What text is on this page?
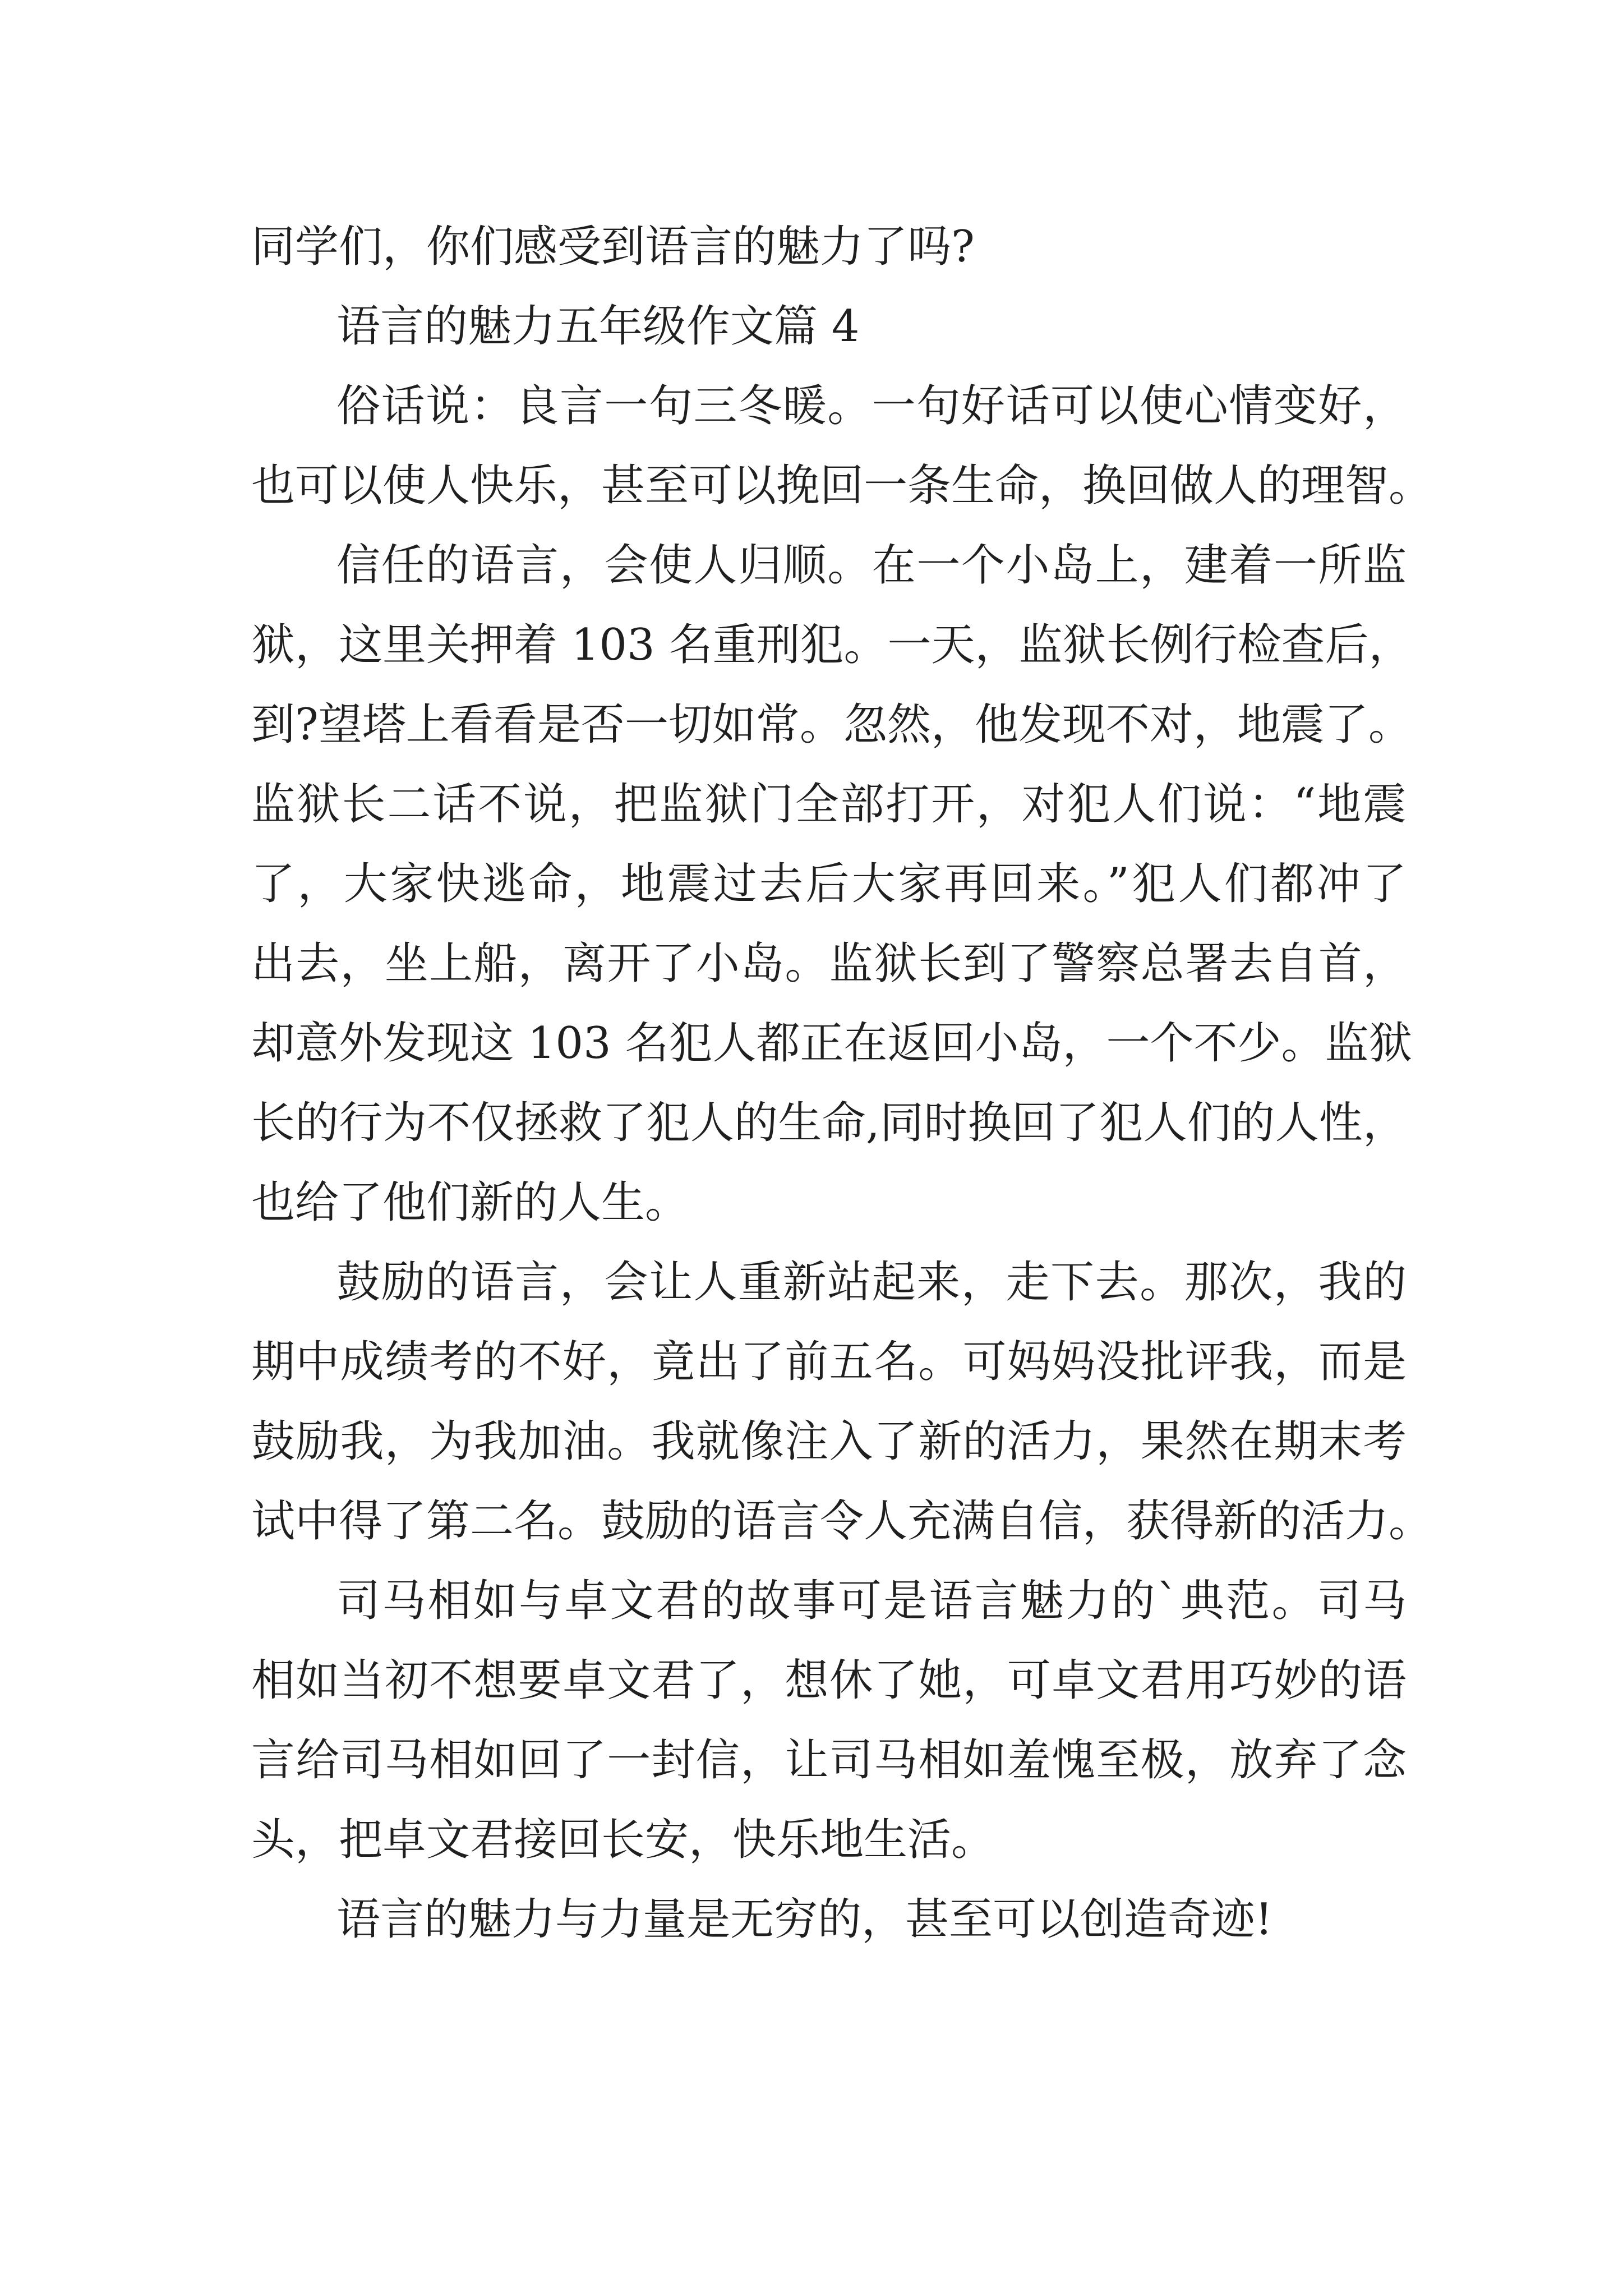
同学们，你们感受到语言的魅力了吗?
语言的魅力五年级作文篇 4
俗话说：良言一句三冬暖。一句好话可以使心情变好，
也可以使人快乐，甚至可以挽回一条生命，换回做人的理智。
信任的语言，会使人归顺。在一个小岛上，建着一所监
狱，这里关押着 103 名重刑犯。一天，监狱长例行检查后，
到?望塔上看看是否一切如常。忽然，他发现不对，地震了。
监狱长二话不说，把监狱门全部打开，对犯人们说：“地震
了，大家快逃命，地震过去后大家再回来。”犯人们都冲了
出去，坐上船，离开了小岛。监狱长到了警察总署去自首，
却意外发现这 103 名犯人都正在返回小岛，一个不少。监狱
长的行为不仅拯救了犯人的生命,同时换回了犯人们的人性，
也给了他们新的人生。
鼓励的语言，会让人重新站起来，走下去。那次，我的
期中成绩考的不好，竟出了前五名。可妈妈没批评我，而是
鼓励我，为我加油。我就像注入了新的活力，果然在期末考
试中得了第二名。鼓励的语言令人充满自信，获得新的活力。
司马相如与卓文君的故事可是语言魅力的`典范。司马
相如当初不想要卓文君了，想休了她，可卓文君用巧妙的语
言给司马相如回了一封信，让司马相如羞愧至极，放弃了念
头，把卓文君接回长安，快乐地生活。
语言的魅力与力量是无穷的，甚至可以创造奇迹!
